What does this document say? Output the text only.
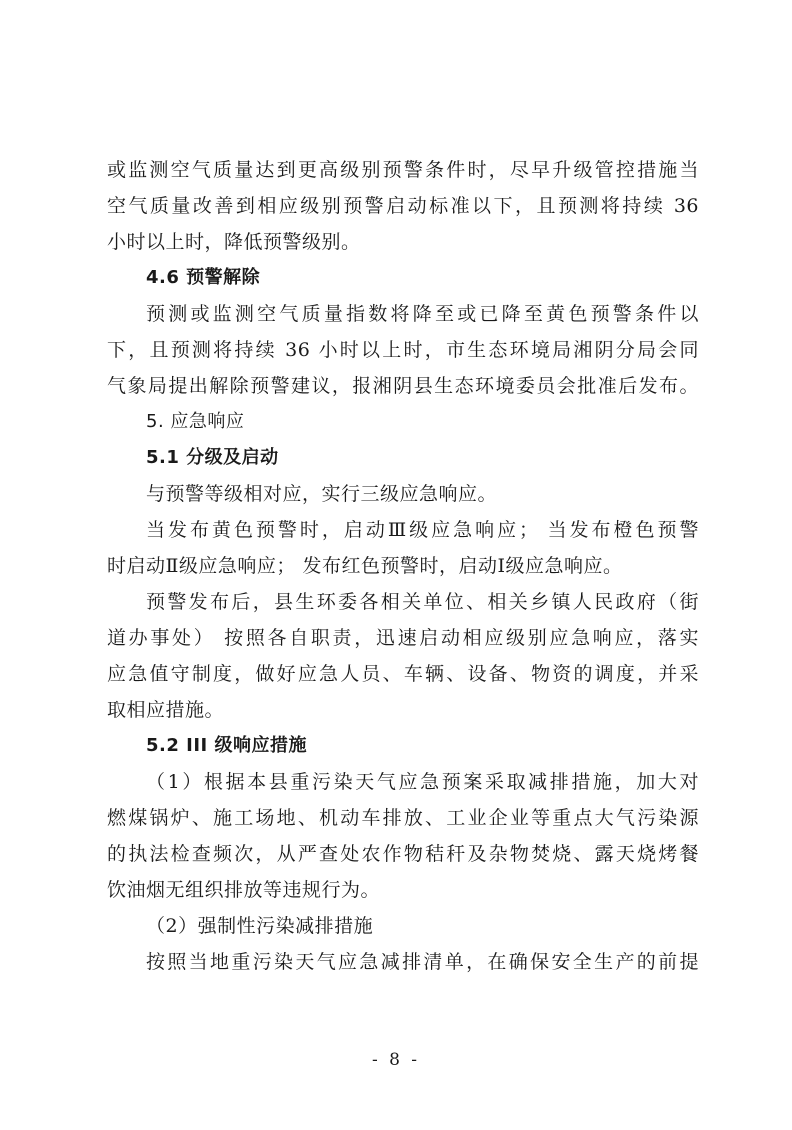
或监测空气质量达到更高级别预警条件时，尽早升级管控措施当
空气质量改善到相应级别预警启动标准以下，且预测将持续 36
小时以上时，降低预警级别。
4.6 预警解除
预测或监测空气质量指数将降至或已降至黄色预警条件以
下，且预测将持续 36 小时以上时，市生态环境局湘阴分局会同
气象局提出解除预警建议，报湘阴县生态环境委员会批准后发布。
5. 应急响应
5.1 分级及启动
与预警等级相对应，实行三级应急响应。
当发布黄色预警时，启动Ⅲ级应急响应； 当发布橙色预警
时启动Ⅱ级应急响应； 发布红色预警时，启动Ⅰ级应急响应。
预警发布后，县生环委各相关单位、相关乡镇人民政府（街
道办事处） 按照各自职责，迅速启动相应级别应急响应，落实
应急值守制度，做好应急人员、车辆、设备、物资的调度，并采
取相应措施。
5.2 III 级响应措施
（1）根据本县重污染天气应急预案采取减排措施，加大对
燃煤锅炉、施工场地、机动车排放、工业企业等重点大气污染源
的执法检查频次，从严查处农作物秸秆及杂物焚烧、露天烧烤餐
饮油烟无组织排放等违规行为。
（2）强制性污染减排措施
按照当地重污染天气应急减排清单，在确保安全生产的前提
- 8 -
